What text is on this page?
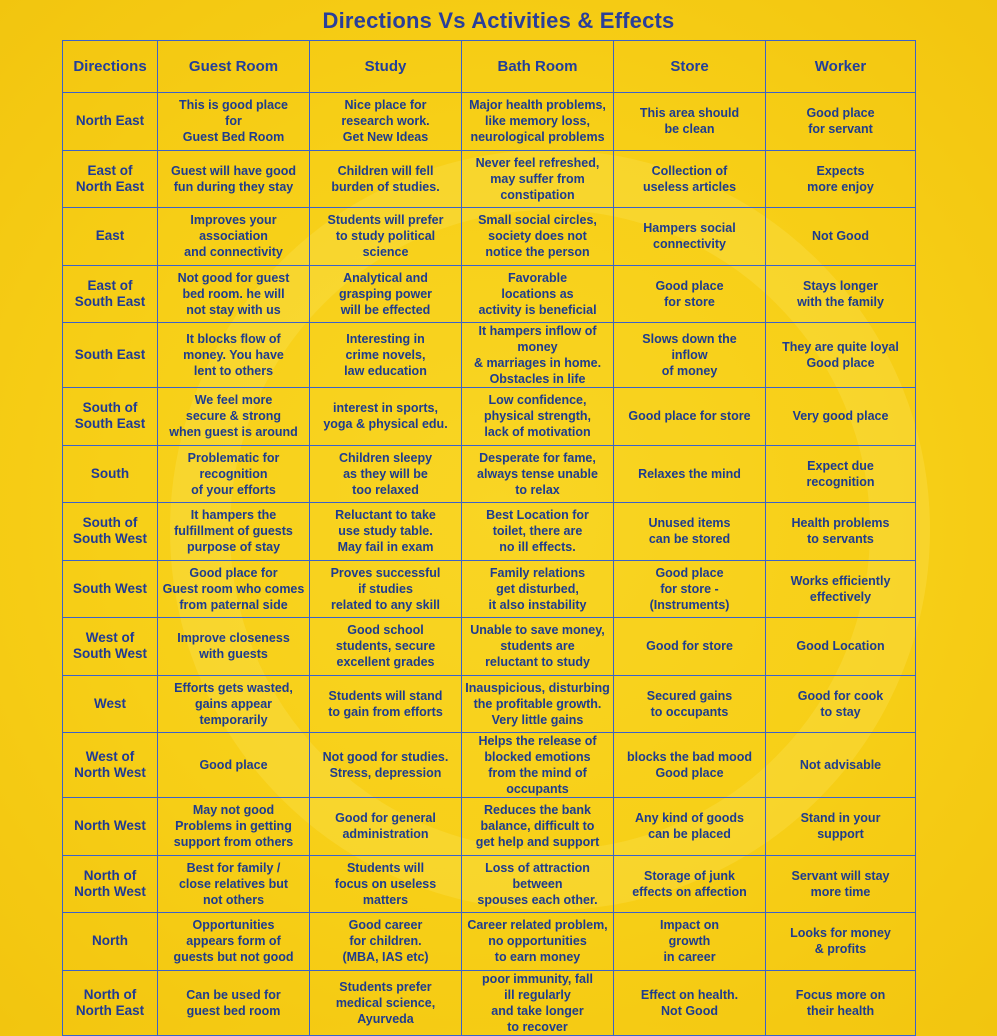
Directions Vs Activities & Effects
Directions	Guest Room	Study	Bath Room	Store	Worker

North East	This is good place
for
Guest Bed Room	Nice place for
research work.
Get New Ideas	Major health problems,
like memory loss,
neurological problems	This area should
be clean	Good place
for servant

East of
North East	Guest will have good
fun during they stay	Children will fell
burden of studies.	Never feel refreshed,
may suffer from
constipation	Collection of
useless articles	Expects
more enjoy

East	Improves your
association
and connectivity	Students will prefer
to study political
science	Small social circles,
society does not
notice the person	Hampers social
connectivity	Not Good

East of
South East	Not good for guest
bed room. he will
not stay with us	Analytical and
grasping power
will be effected	Favorable
locations as
activity is beneficial	Good place
for store	Stays longer
with the family

South East	It blocks flow of
money. You have
lent to others	Interesting in
crime novels,
law education	It hampers inflow of money
& marriages in home.
Obstacles in life	Slows down the
inflow
of money	They are quite loyal
Good place

South of
South East	We feel more
secure & strong
when guest is around	interest in sports,
yoga & physical edu.	Low confidence,
physical strength,
lack of motivation	Good place for store	Very good place

South	Problematic for
recognition
of your efforts	Children sleepy
as they will be
too relaxed	Desperate for fame,
always tense unable
to relax	Relaxes the mind	Expect due
recognition

South of
South West	It hampers the
fulfillment of guests
purpose of stay	Reluctant to take
use study table.
May fail in exam	Best Location for
toilet, there are
no ill effects.	Unused items
can be stored	Health problems
to servants

South West	Good place for
Guest room who comes
from paternal side	Proves successful
if studies
related to any skill	Family relations
get disturbed,
it also instability	Good place
for store -
(Instruments)	Works efficiently
effectively

West of
South West	Improve closeness
with guests	Good school
students, secure
excellent grades	Unable to save money,
students are
reluctant to study	Good for store	Good Location

West	Efforts gets wasted,
gains appear
temporarily	Students will stand
to gain from efforts	Inauspicious, disturbing
the profitable growth.
Very little gains	Secured gains
to occupants	Good for cook
to stay

West of
North West	Good place	Not good for studies.
Stress, depression	Helps the release of
blocked emotions
from the mind of occupants	blocks the bad mood
Good place	Not advisable

North West	May not good
Problems in getting
support from others	Good for general
administration	Reduces the bank
balance, difficult to
get help and support	Any kind of goods
can be placed	Stand in your
support

North of
North West	Best for family /
close relatives but
not others	Students will
focus on useless
matters	Loss of attraction
between
spouses each other.	Storage of junk
effects on affection	Servant will stay
more time

North	Opportunities
appears form of
guests but not good	Good career
for children.
(MBA, IAS etc)	Career related problem,
no opportunities
to earn money	Impact on
growth
in career	Looks for money
& profits

North of
North East	Can be used for
guest bed room	Students prefer
medical science,
Ayurveda	poor immunity, fall
ill regularly
and take longer
to recover	Effect on health.
Not Good	Focus more on
their health
